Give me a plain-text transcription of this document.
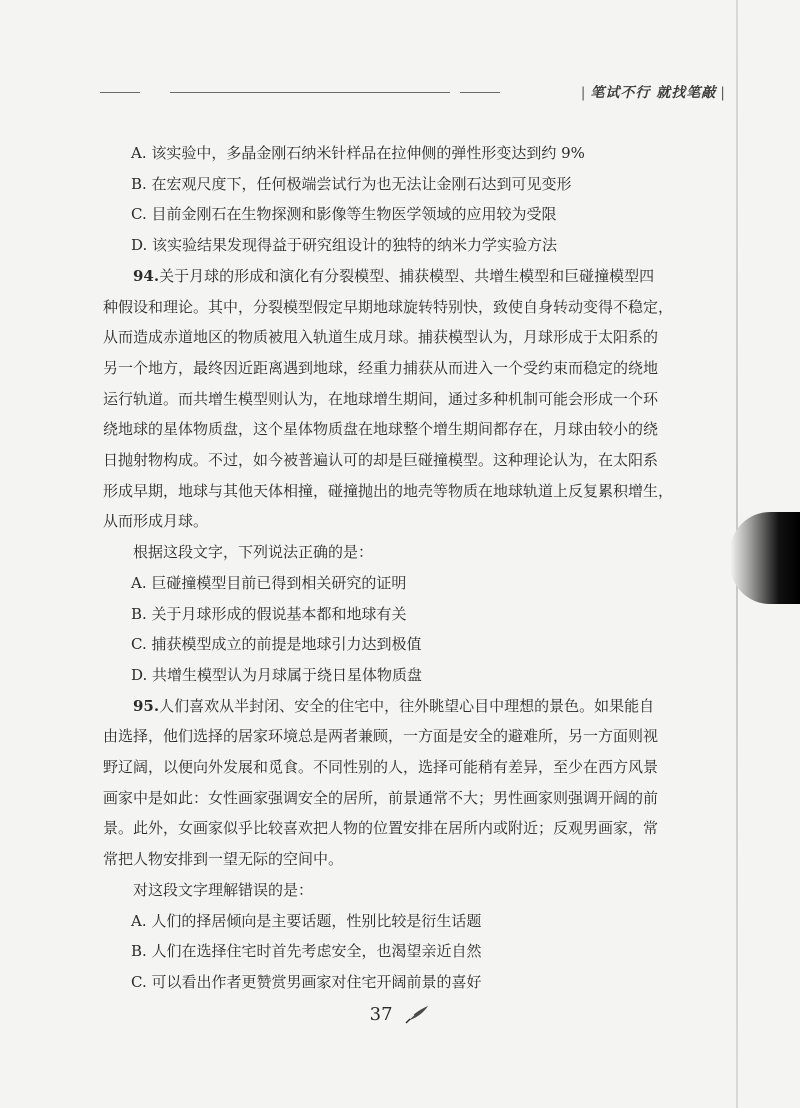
| 笔试不行 就找笔敲 |
A. 该实验中，多晶金刚石纳米针样品在拉伸侧的弹性形变达到约 9%
B. 在宏观尺度下，任何极端尝试行为也无法让金刚石达到可见变形
C. 目前金刚石在生物探测和影像等生物医学领域的应用较为受限
D. 该实验结果发现得益于研究组设计的独特的纳米力学实验方法
94.关于月球的形成和演化有分裂模型、捕获模型、共增生模型和巨碰撞模型四
种假设和理论。其中，分裂模型假定早期地球旋转特别快，致使自身转动变得不稳定，
从而造成赤道地区的物质被甩入轨道生成月球。捕获模型认为，月球形成于太阳系的
另一个地方，最终因近距离遇到地球，经重力捕获从而进入一个受约束而稳定的绕地
运行轨道。而共增生模型则认为，在地球增生期间，通过多种机制可能会形成一个环
绕地球的星体物质盘，这个星体物质盘在地球整个增生期间都存在，月球由较小的绕
日抛射物构成。不过，如今被普遍认可的却是巨碰撞模型。这种理论认为，在太阳系
形成早期，地球与其他天体相撞，碰撞抛出的地壳等物质在地球轨道上反复累积增生，
从而形成月球。
根据这段文字，下列说法正确的是：
A. 巨碰撞模型目前已得到相关研究的证明
B. 关于月球形成的假说基本都和地球有关
C. 捕获模型成立的前提是地球引力达到极值
D. 共增生模型认为月球属于绕日星体物质盘
95.人们喜欢从半封闭、安全的住宅中，往外眺望心目中理想的景色。如果能自
由选择，他们选择的居家环境总是两者兼顾，一方面是安全的避难所，另一方面则视
野辽阔，以便向外发展和觅食。不同性别的人，选择可能稍有差异，至少在西方风景
画家中是如此：女性画家强调安全的居所，前景通常不大；男性画家则强调开阔的前
景。此外，女画家似乎比较喜欢把人物的位置安排在居所内或附近；反观男画家，常
常把人物安排到一望无际的空间中。
对这段文字理解错误的是：
A. 人们的择居倾向是主要话题，性别比较是衍生话题
B. 人们在选择住宅时首先考虑安全，也渴望亲近自然
C. 可以看出作者更赞赏男画家对住宅开阔前景的喜好
37
